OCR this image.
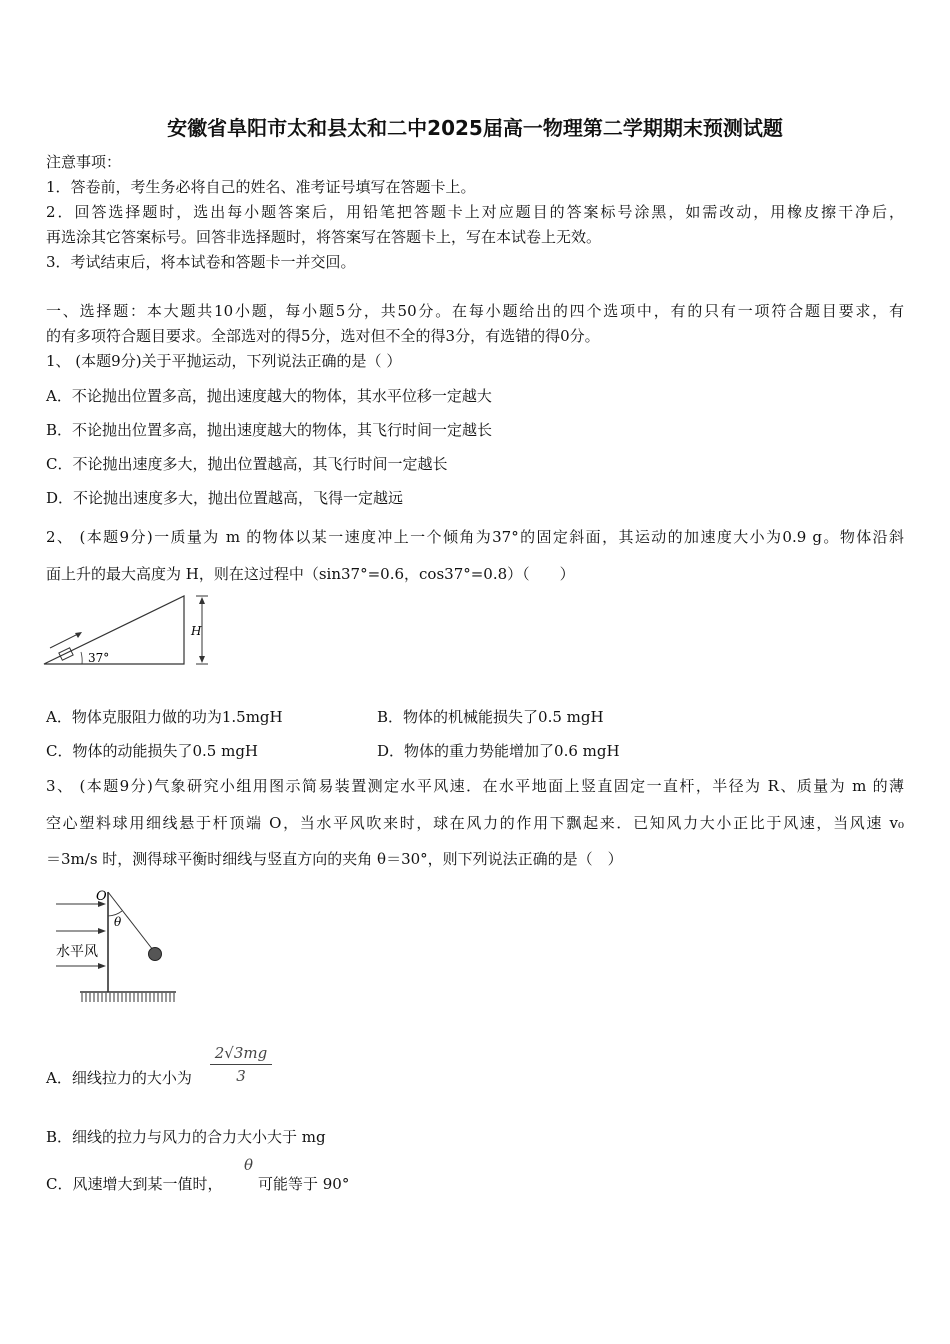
安徽省阜阳市太和县太和二中2025届高一物理第二学期期末预测试题
注意事项：
1．答卷前，考生务必将自己的姓名、准考证号填写在答题卡上。
2．回答选择题时，选出每小题答案后，用铅笔把答题卡上对应题目的答案标号涂黑，如需改动，用橡皮擦干净后，
再选涂其它答案标号。回答非选择题时，将答案写在答题卡上，写在本试卷上无效。
3．考试结束后，将本试卷和答题卡一并交回。
一、选择题：本大题共10小题，每小题5分，共50分。在每小题给出的四个选项中，有的只有一项符合题目要求，有
的有多项符合题目要求。全部选对的得5分，选对但不全的得3分，有选错的得0分。
1、 (本题9分)关于平抛运动，下列说法正确的是（ ）
A．不论抛出位置多高，抛出速度越大的物体，其水平位移一定越大
B．不论抛出位置多高，抛出速度越大的物体，其飞行时间一定越长
C．不论抛出速度多大，抛出位置越高，其飞行时间一定越长
D．不论抛出速度多大，抛出位置越高，飞得一定越远
2、 (本题9分)一质量为 m 的物体以某一速度冲上一个倾角为37°的固定斜面，其运动的加速度大小为0.9 g。物体沿斜
面上升的最大高度为 H，则在这过程中（sin37°=0.6，cos37°=0.8）（　　）
37°
H
A．物体克服阻力做的功为1.5mgH	B．物体的机械能损失了0.5 mgH
C．物体的动能损失了0.5 mgH	D．物体的重力势能增加了0.6 mgH
3、 (本题9分)气象研究小组用图示简易装置测定水平风速．在水平地面上竖直固定一直杆，半径为 R、质量为 m 的薄
空心塑料球用细线悬于杆顶端 O，当水平风吹来时，球在风力的作用下飘起来．已知风力大小正比于风速，当风速 v₀
＝3m/s 时，测得球平衡时细线与竖直方向的夹角 θ＝30°，则下列说法正确的是（　）
O
θ
水平风
A．细线拉力的大小为 $\frac{2√3mg}{3}$
B．细线的拉力与风力的合力大小大于 mg
C．风速增大到某一值时，
θ
可能等于 90°
